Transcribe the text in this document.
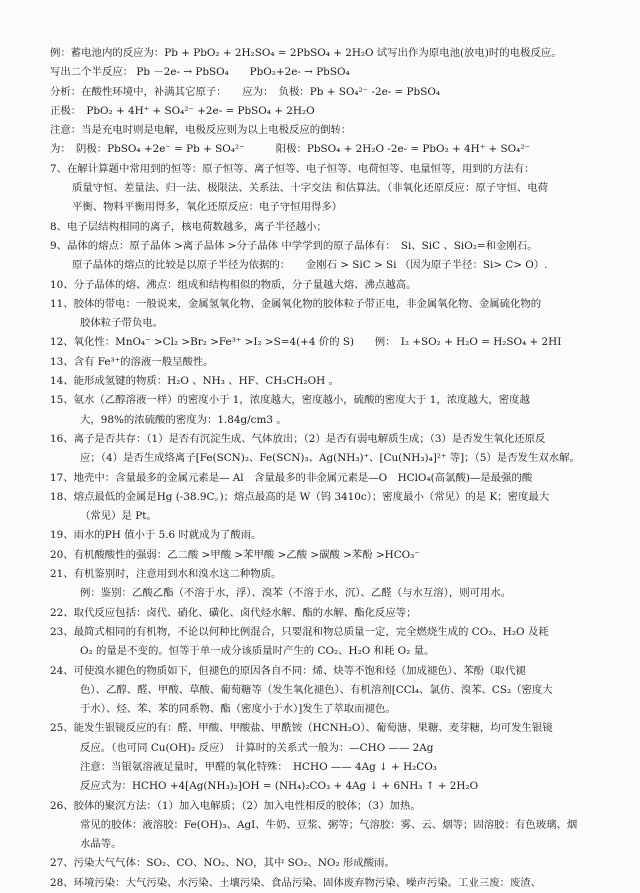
例：蓄电池内的反应为：Pb + PbO₂ + 2H₂SO₄ = 2PbSO₄ + 2H₂O 试写出作为原电池(放电)时的电极反应。
写出二个半反应： Pb －2e- → PbSO₄　　PbO₂+2e- → PbSO₄
分析：在酸性环境中，补满其它原子：　　应为：　负极：Pb + SO₄²⁻ -2e- = PbSO₄
正极：　PbO₂ + 4H⁺ + SO₄²⁻ +2e- = PbSO₄ + 2H₂O
注意：当是充电时则是电解，电极反应则为以上电极反应的倒转：
为：　阴极：PbSO₄ +2e⁻ = Pb + SO₄²⁻　　　阳极：PbSO₄ + 2H₂O -2e- = PbO₂ + 4H⁺ + SO₄²⁻
7、在解计算题中常用到的恒等：原子恒等、离子恒等、电子恒等、电荷恒等、电量恒等，用到的方法有：
质量守恒、差量法、归一法、极限法、关系法、十字交法 和估算法。（非氧化还原反应：原子守恒、电荷
平衡、物料平衡用得多，氧化还原反应：电子守恒用得多）
8、电子层结构相同的离子，核电荷数越多，离子半径越小；
9、晶体的熔点：原子晶体 >离子晶体 >分子晶体 中学学到的原子晶体有：　Si、SiC 、SiO₂=和金刚石。
原子晶体的熔点的比较是以原子半径为依据的：　　金刚石 > SiC > Si （因为原子半径：Si> C> O）.
10、分子晶体的熔、沸点：组成和结构相似的物质，分子量越大熔、沸点越高。
11、胶体的带电：一般说来，金属氢氧化物、金属氧化物的胶体粒子带正电，非金属氧化物、金属硫化物的
胶体粒子带负电。
12、氧化性：MnO₄⁻ >Cl₂ >Br₂ >Fe³⁺ >I₂ >S=4(+4 价的 S)　　例：　I₂ +SO₂ + H₂O = H₂SO₄ + 2HI
13、含有 Fe³⁺的溶液一般呈酸性。
14、能形成氢键的物质：H₂O 、NH₃ 、HF、CH₃CH₂OH 。
15、氨水（乙醇溶液一样）的密度小于 1，浓度越大，密度越小，硫酸的密度大于 1，浓度越大，密度越
大，98%的浓硫酸的密度为：1.84g/cm3 。
16、离子是否共存：（1）是否有沉淀生成、气体放出；（2）是否有弱电解质生成；（3）是否发生氧化还原反
应；（4）是否生成络离子[Fe(SCN)₂、Fe(SCN)₃、Ag(NH₃)⁺、[Cu(NH₃)₄]²⁺ 等]；（5）是否发生双水解。
17、地壳中：含量最多的金属元素是— Al　含量最多的非金属元素是—O　HClO₄(高氯酸)—是最强的酸
18、熔点最低的金属是Hg (-38.9C。)；熔点最高的是 W（钨 3410c）；密度最小（常见）的是 K；密度最大
（常见）是 Pt。
19、雨水的PH 值小于 5.6 时就成为了酸雨。
20、有机酸酸性的强弱：乙二酸 >甲酸 >苯甲酸 >乙酸 >碳酸 >苯酚 >HCO₃⁻
21、有机鉴别时，注意用到水和溴水这二种物质。
例：鉴别：乙酸乙酯（不溶于水，浮）、溴苯（不溶于水，沉）、乙醛（与水互溶），则可用水。
22、取代反应包括：卤代、硝化、磺化、卤代烃水解、酯的水解、酯化反应等；
23、最简式相同的有机物，不论以何种比例混合，只要混和物总质量一定，完全燃烧生成的 CO₂、H₂O 及耗
O₂ 的量是不变的。恒等于单一成分该质量时产生的 CO₂、H₂O 和耗 O₂ 量。
24、可使溴水褪色的物质如下，但褪色的原因各自不同：烯、炔等不饱和烃（加成褪色）、苯酚（取代褪
色）、乙醇、醛、甲酸、草酸、葡萄糖等（发生氧化褪色）、有机溶剂[CCl₄、氯仿、溴苯、CS₂（密度大
于水）、烃、苯、苯的同系物、酯（密度小于水）]发生了萃取而褪色。
25、能发生银镜反应的有：醛、甲酸、甲酸盐、甲酰铵（HCNH₂O）、葡萄溏、果糖、麦芽糖，均可发生银镜
反应。（也可同 Cu(OH)₂ 反应）　计算时的关系式一般为：—CHO —— 2Ag
注意：当银氨溶液足量时，甲醛的氧化特殊：　HCHO —— 4Ag ↓ + H₂CO₃
反应式为：HCHO +4[Ag(NH₃)₂]OH = (NH₄)₂CO₃ + 4Ag ↓ + 6NH₃ ↑ + 2H₂O
26、胶体的聚沉方法：（1）加入电解质；（2）加入电性相反的胶体；（3）加热。
常见的胶体：液溶胶：Fe(OH)₃、AgI、牛奶、豆浆、粥等；气溶胶：雾、云、烟等；固溶胶：有色玻璃、烟
水晶等。
27、污染大气气体：SO₂、CO、NO₂、NO，其中 SO₂、NO₂ 形成酸雨。
28、环境污染：大气污染、水污染、土壤污染、食品污染、固体废弃物污染、噪声污染。工业三废：废渣、
